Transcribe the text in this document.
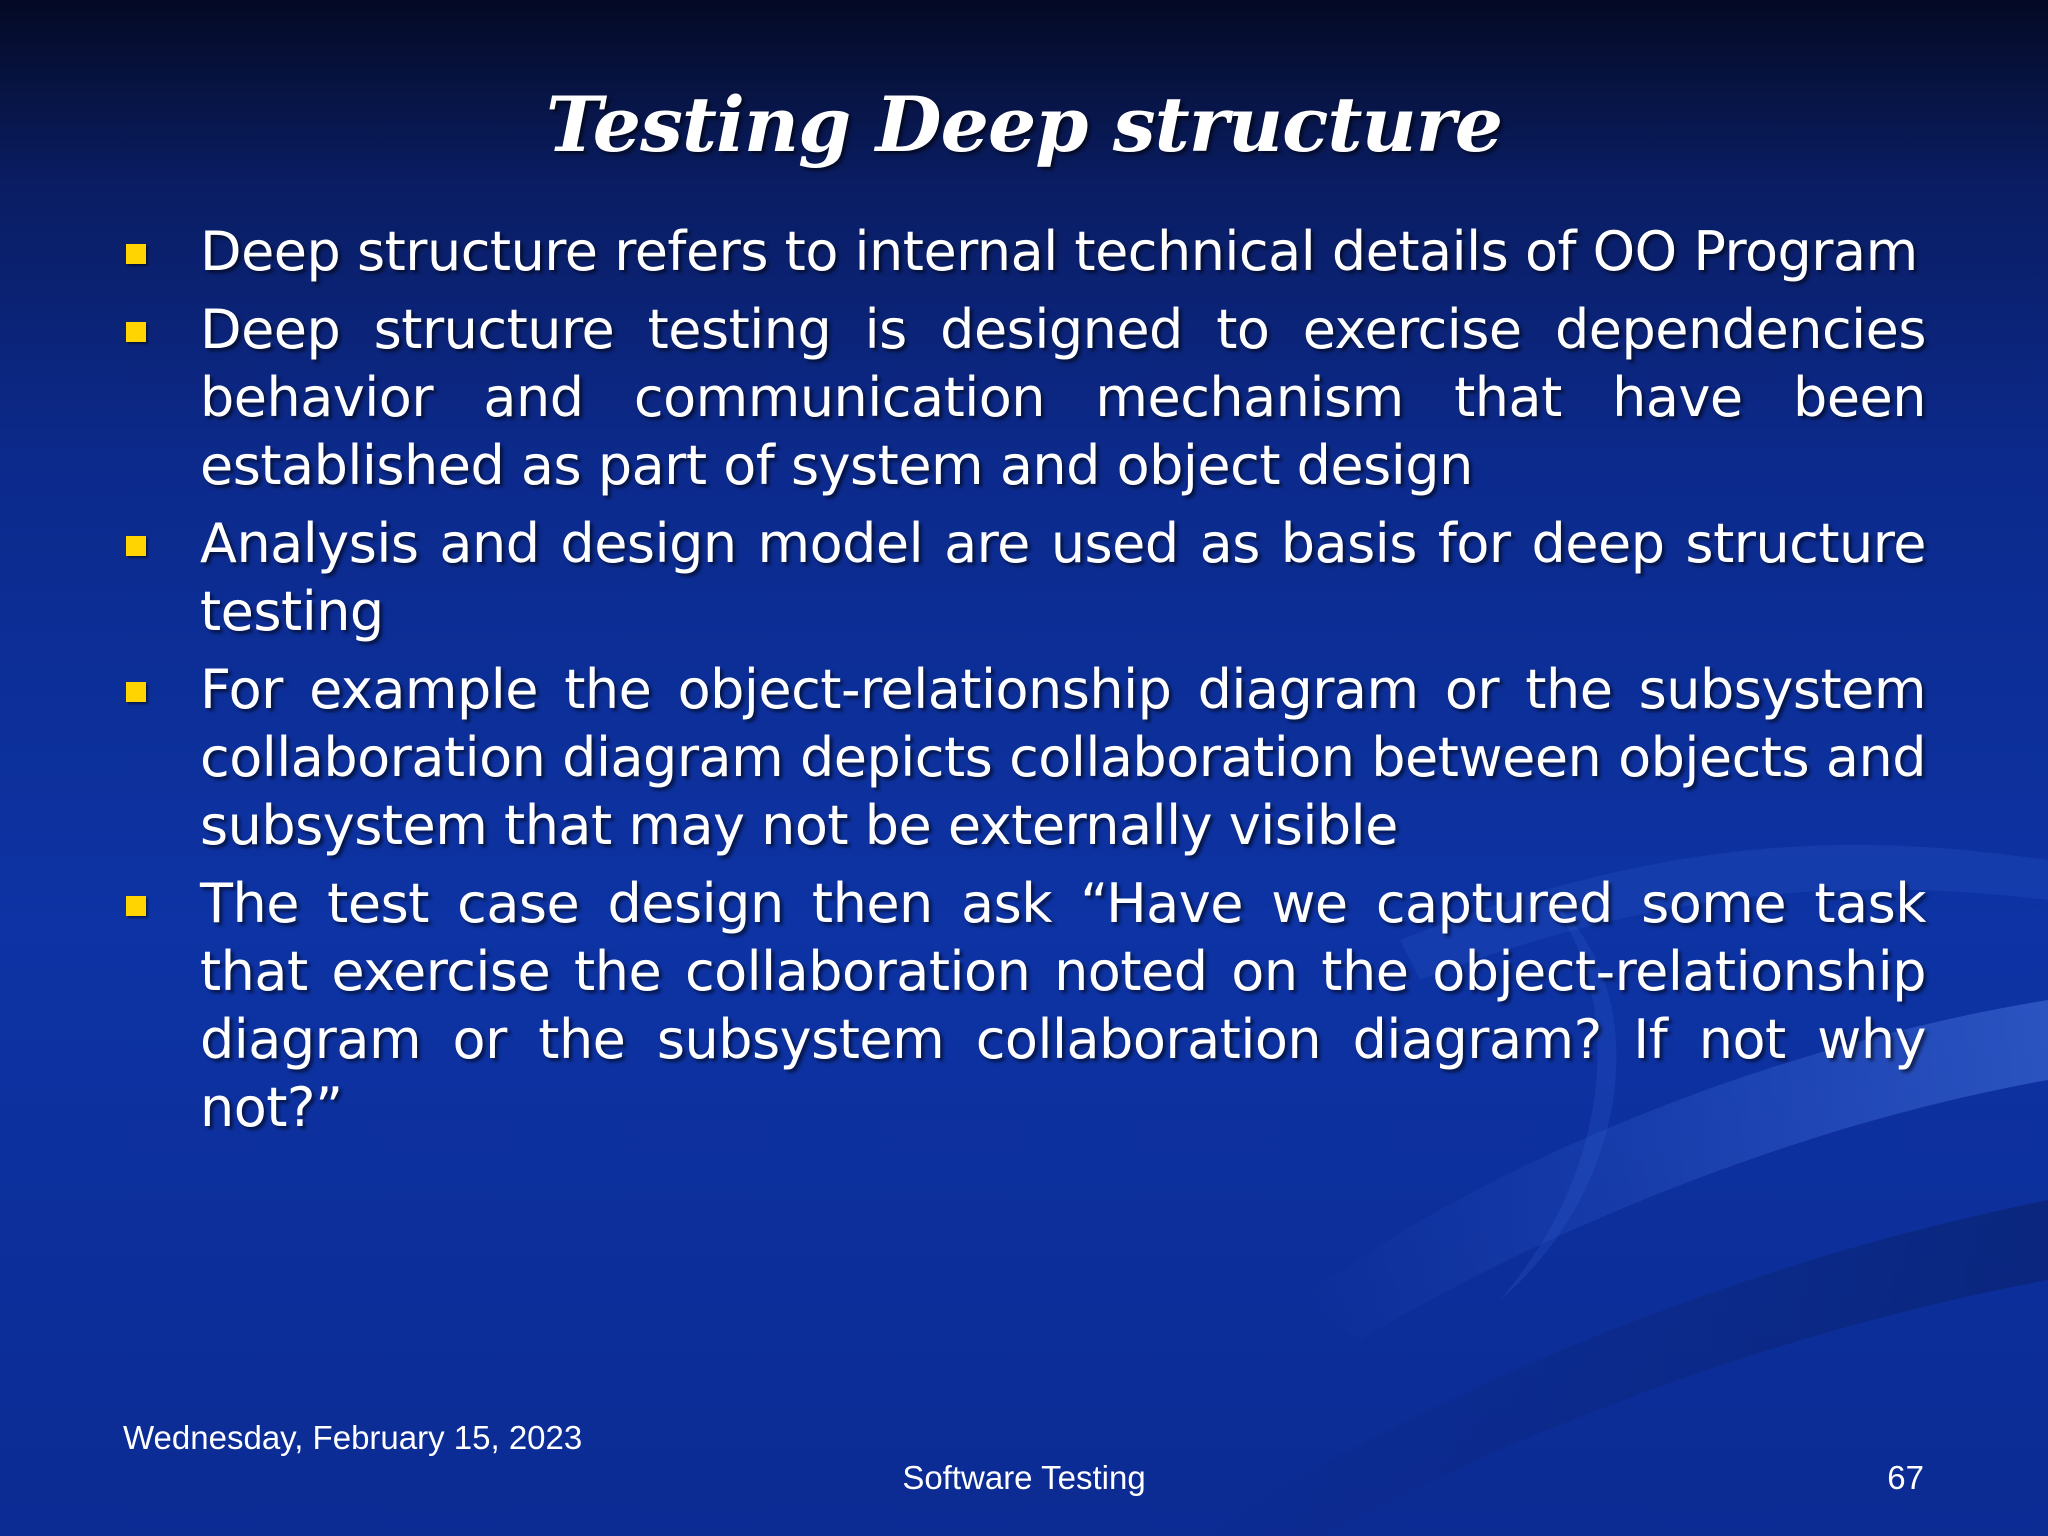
Testing Deep structure
Deep structure refers to internal technical details of OO Program
Deep structure testing is designed to exercise dependencies behavior and communication mechanism that have been established as part of system and object design
Analysis and design model are used as basis for deep structure testing
For example the object-relationship diagram or the subsystem collaboration diagram depicts collaboration between objects and subsystem that may not be externally visible
The test case design then ask “Have we captured some task that exercise the collaboration noted on the object-relationship diagram or the subsystem collaboration diagram? If not why not?”
Wednesday, February 15, 2023
Software Testing	67
